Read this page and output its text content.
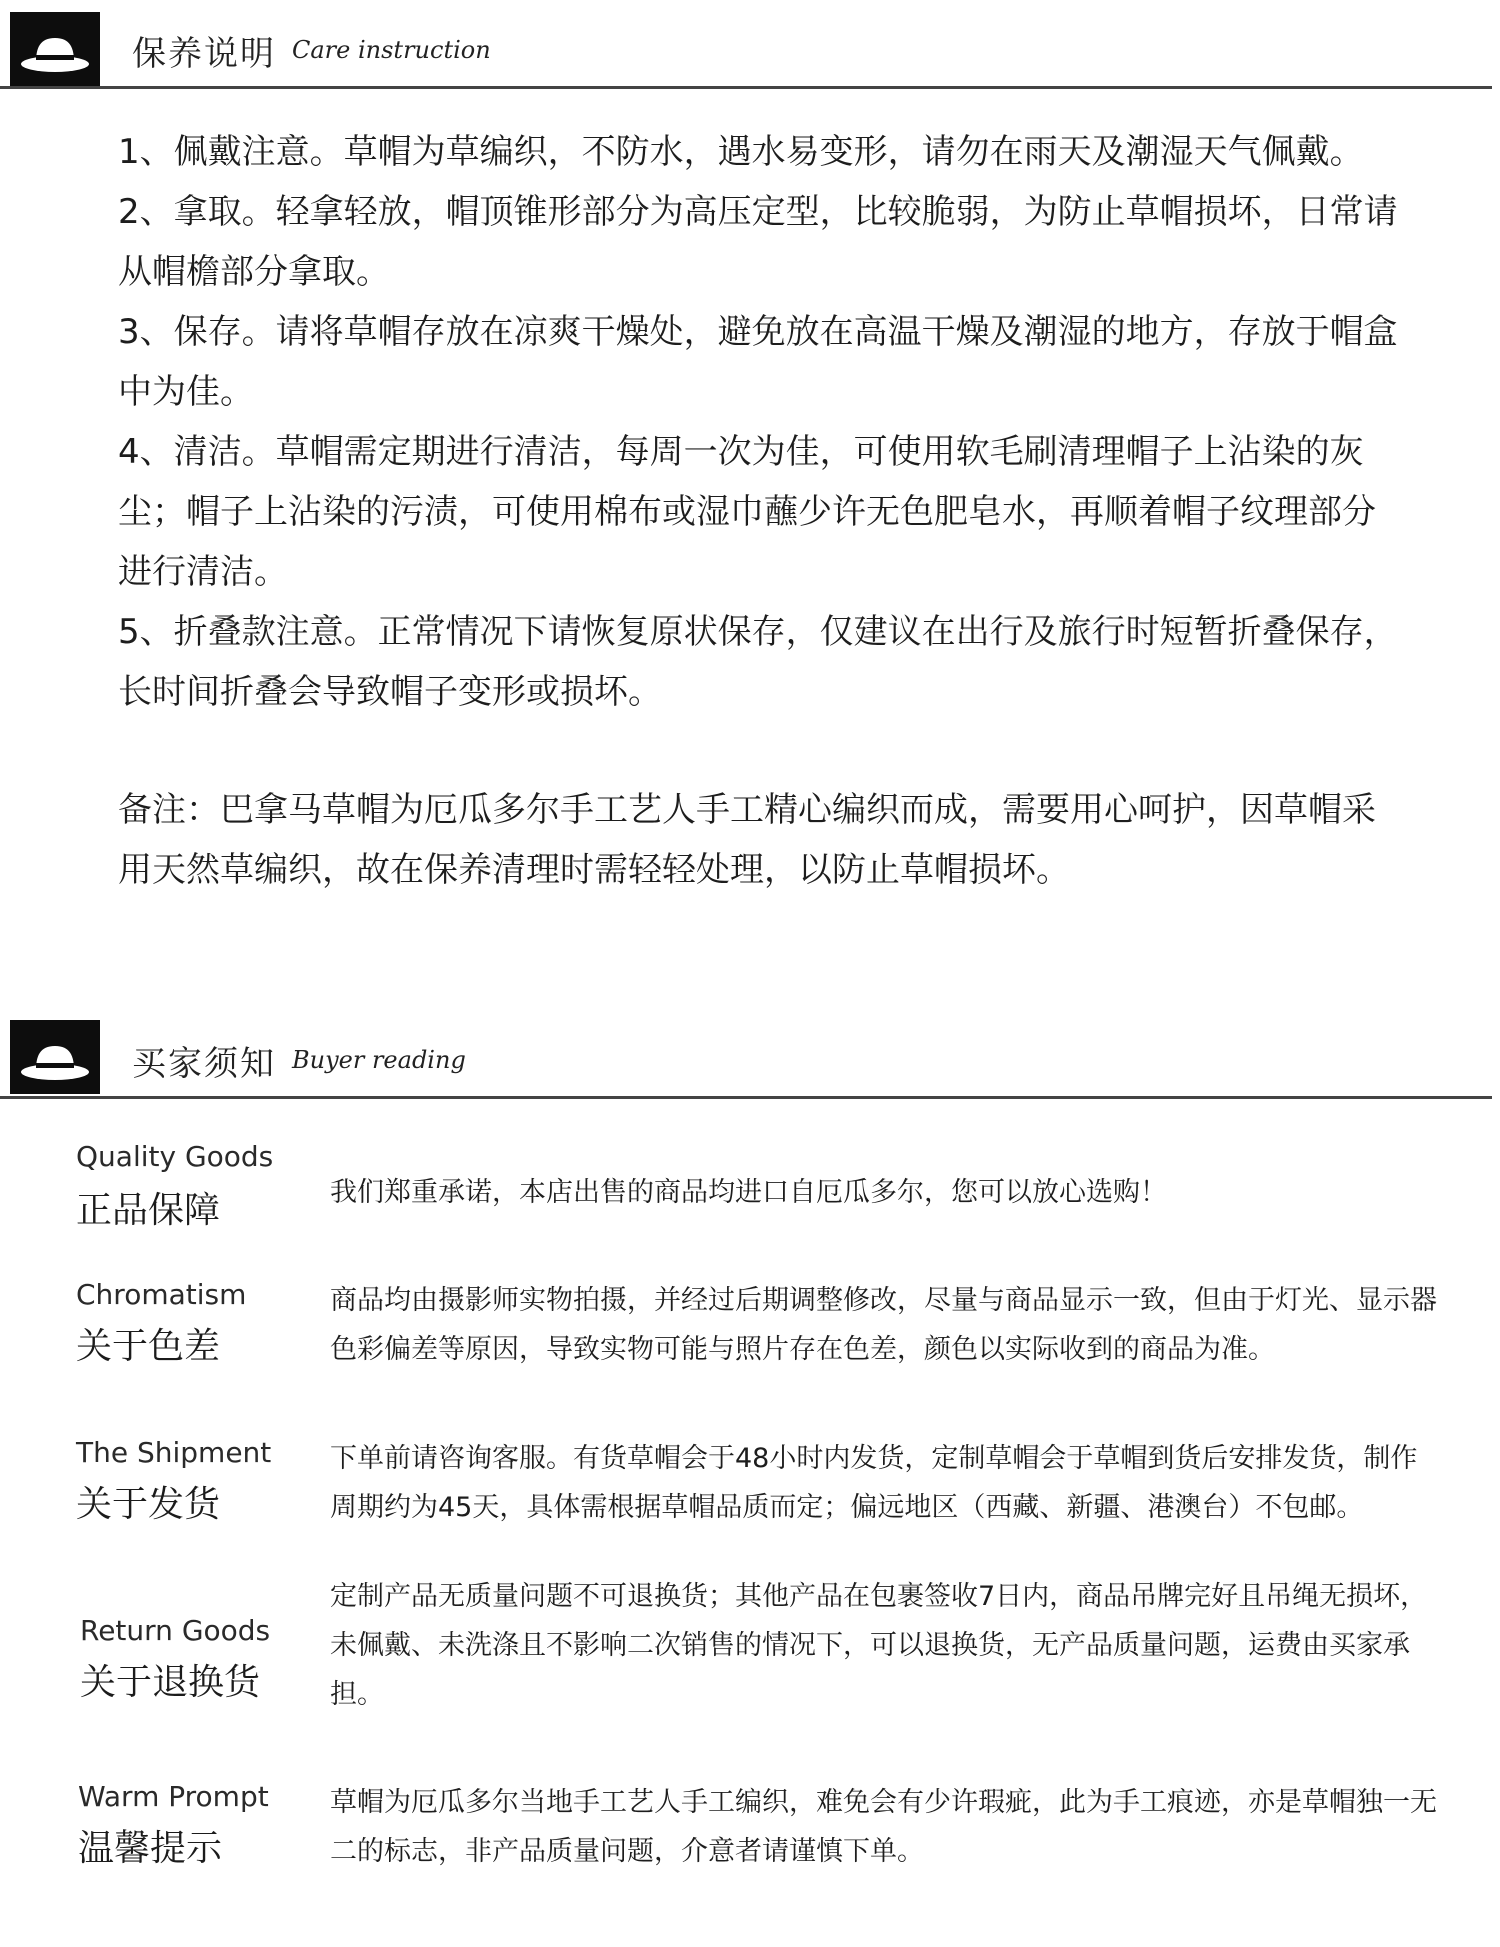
保养说明 Care instruction

1、佩戴注意。草帽为草编织，不防水，遇水易变形，请勿在雨天及潮湿天气佩戴。

2、拿取。轻拿轻放，帽顶锥形部分为高压定型，比较脆弱，为防止草帽损坏，日常请从帽檐部分拿取。

3、保存。请将草帽存放在凉爽干燥处，避免放在高温干燥及潮湿的地方，存放于帽盒中为佳。

4、清洁。草帽需定期进行清洁，每周一次为佳，可使用软毛刷清理帽子上沾染的灰尘；帽子上沾染的污渍，可使用棉布或湿巾蘸少许无色肥皂水，再顺着帽子纹理部分进行清洁。

5、折叠款注意。正常情况下请恢复原状保存，仅建议在出行及旅行时短暂折叠保存，长时间折叠会导致帽子变形或损坏。

备注：巴拿马草帽为厄瓜多尔手工艺人手工精心编织而成，需要用心呵护，因草帽采用天然草编织，故在保养清理时需轻轻处理，以防止草帽损坏。

买家须知 Buyer reading
Quality Goods
正品保障	我们郑重承诺，本店出售的商品均进口自厄瓜多尔，您可以放心选购！

Chromatism
关于色差

商品均由摄影师实物拍摄，并经过后期调整修改，尽量与商品显示一致，但由于灯光、显示器色彩偏差等原因，导致实物可能与照片存在色差，颜色以实际收到的商品为准。

The Shipment
关于发货

下单前请咨询客服。有货草帽会于48小时内发货，定制草帽会于草帽到货后安排发货，制作周期约为45天，具体需根据草帽品质而定；偏远地区（西藏、新疆、港澳台）不包邮。

Return Goods
关于退换货

定制产品无质量问题不可退换货；其他产品在包裹签收7日内，商品吊牌完好且吊绳无损坏，未佩戴、未洗涤且不影响二次销售的情况下，可以退换货，无产品质量问题，运费由买家承担。

Warm Prompt
温馨提示

草帽为厄瓜多尔当地手工艺人手工编织，难免会有少许瑕疵，此为手工痕迹，亦是草帽独一无二的标志，非产品质量问题，介意者请谨慎下单。
